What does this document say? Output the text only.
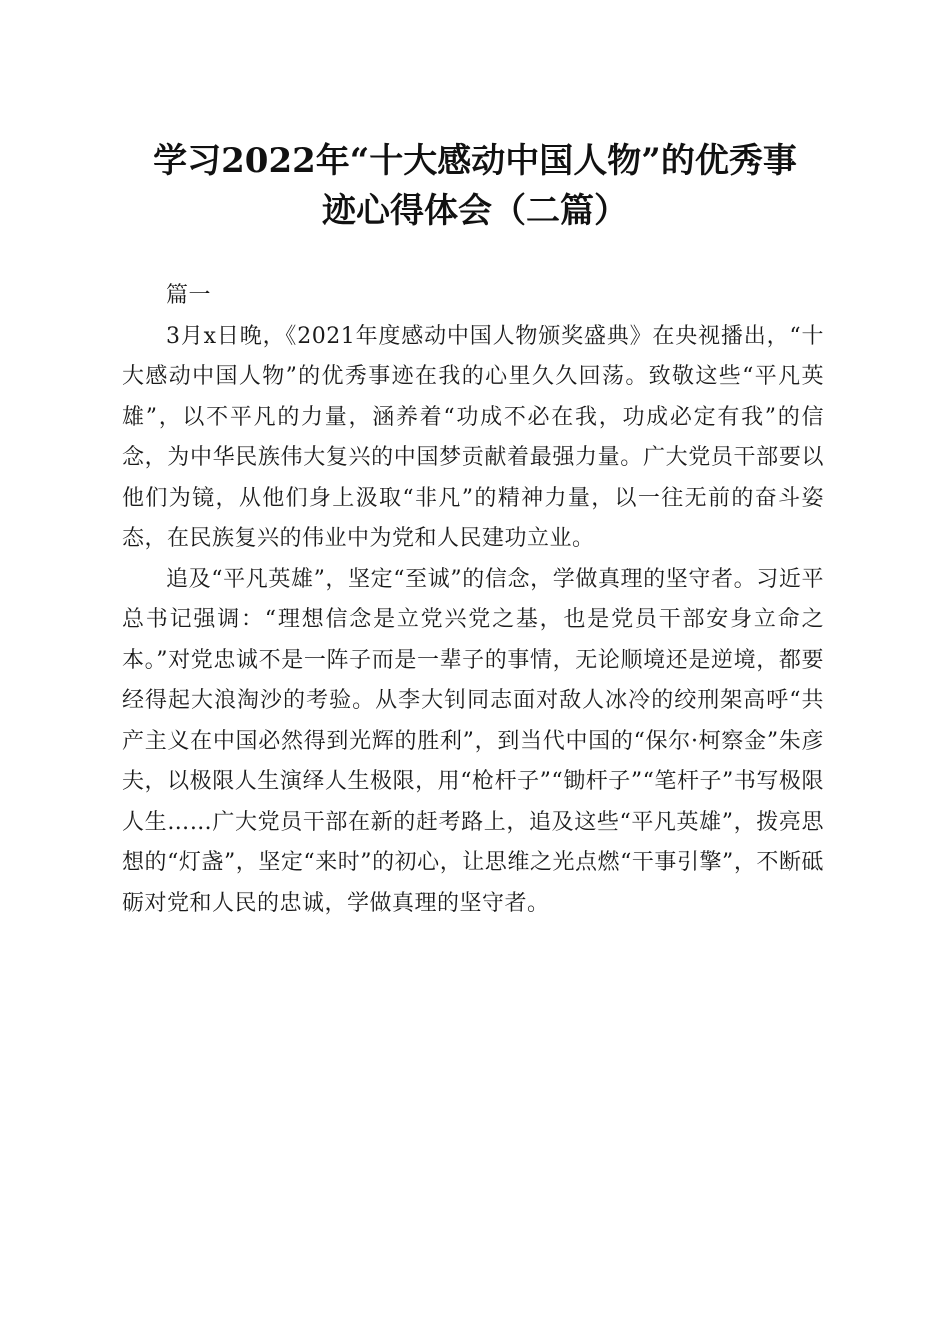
学习2022年“十大感动中国人物”的优秀事
迹心得体会（二篇）

篇一

3月x日晚，《2021年度感动中国人物颁奖盛典》在央视播出，“十大感动中国人物”的优秀事迹在我的心里久久回荡。致敬这些“平凡英雄”，以不平凡的力量，涵养着“功成不必在我，功成必定有我”的信念，为中华民族伟大复兴的中国梦贡献着最强力量。广大党员干部要以他们为镜，从他们身上汲取“非凡”的精神力量，以一往无前的奋斗姿态，在民族复兴的伟业中为党和人民建功立业。

追及“平凡英雄”，坚定“至诚”的信念，学做真理的坚守者。习近平总书记强调：“理想信念是立党兴党之基，也是党员干部安身立命之本。”对党忠诚不是一阵子而是一辈子的事情，无论顺境还是逆境，都要经得起大浪淘沙的考验。从李大钊同志面对敌人冰冷的绞刑架高呼“共产主义在中国必然得到光辉的胜利”，到当代中国的“保尔·柯察金”朱彦夫，以极限人生演绎人生极限，用“枪杆子”“锄杆子”“笔杆子”书写极限人生……广大党员干部在新的赶考路上，追及这些“平凡英雄”，拨亮思想的“灯盏”，坚定“来时”的初心，让思维之光点燃“干事引擎”，不断砥砺对党和人民的忠诚，学做真理的坚守者。
